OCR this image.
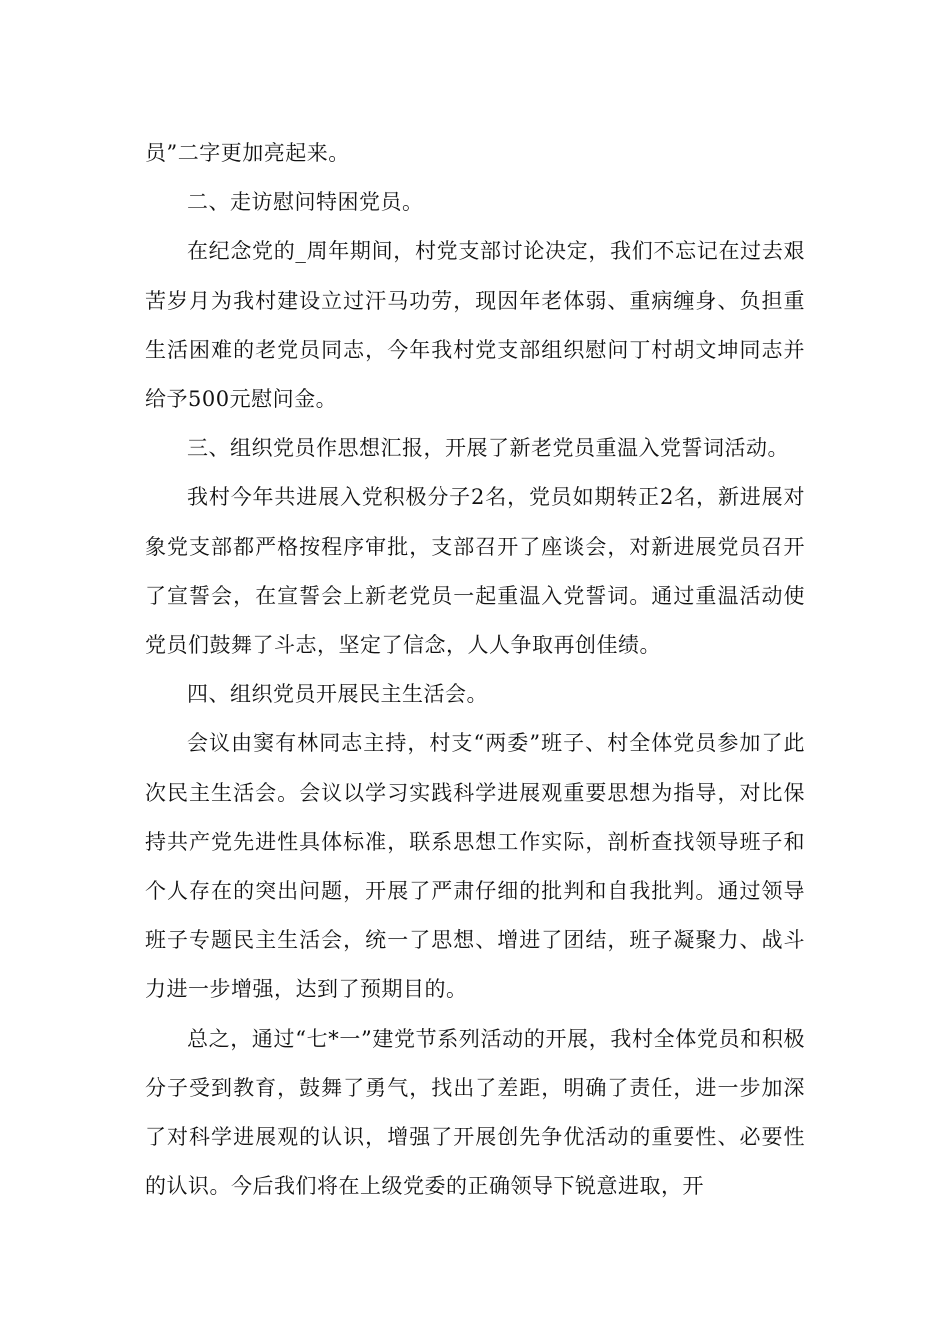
员”二字更加亮起来。

二、走访慰问特困党员。

在纪念党的_周年期间，村党支部讨论决定，我们不忘记在过去艰苦岁月为我村建设立过汗马功劳，现因年老体弱、重病缠身、负担重生活困难的老党员同志，今年我村党支部组织慰问丁村胡文坤同志并给予500元慰问金。

三、组织党员作思想汇报，开展了新老党员重温入党誓词活动。

我村今年共进展入党积极分子2名，党员如期转正2名，新进展对象党支部都严格按程序审批，支部召开了座谈会，对新进展党员召开了宣誓会，在宣誓会上新老党员一起重温入党誓词。通过重温活动使党员们鼓舞了斗志，坚定了信念，人人争取再创佳绩。

四、组织党员开展民主生活会。

会议由窦有林同志主持，村支“两委”班子、村全体党员参加了此次民主生活会。会议以学习实践科学进展观重要思想为指导，对比保持共产党先进性具体标准，联系思想工作实际，剖析查找领导班子和个人存在的突出问题，开展了严肃仔细的批判和自我批判。通过领导班子专题民主生活会，统一了思想、增进了团结，班子凝聚力、战斗力进一步增强，达到了预期目的。

总之，通过“七*一”建党节系列活动的开展，我村全体党员和积极分子受到教育，鼓舞了勇气，找出了差距，明确了责任，进一步加深了对科学进展观的认识，增强了开展创先争优活动的重要性、必要性的认识。今后我们将在上级党委的正确领导下锐意进取，开
